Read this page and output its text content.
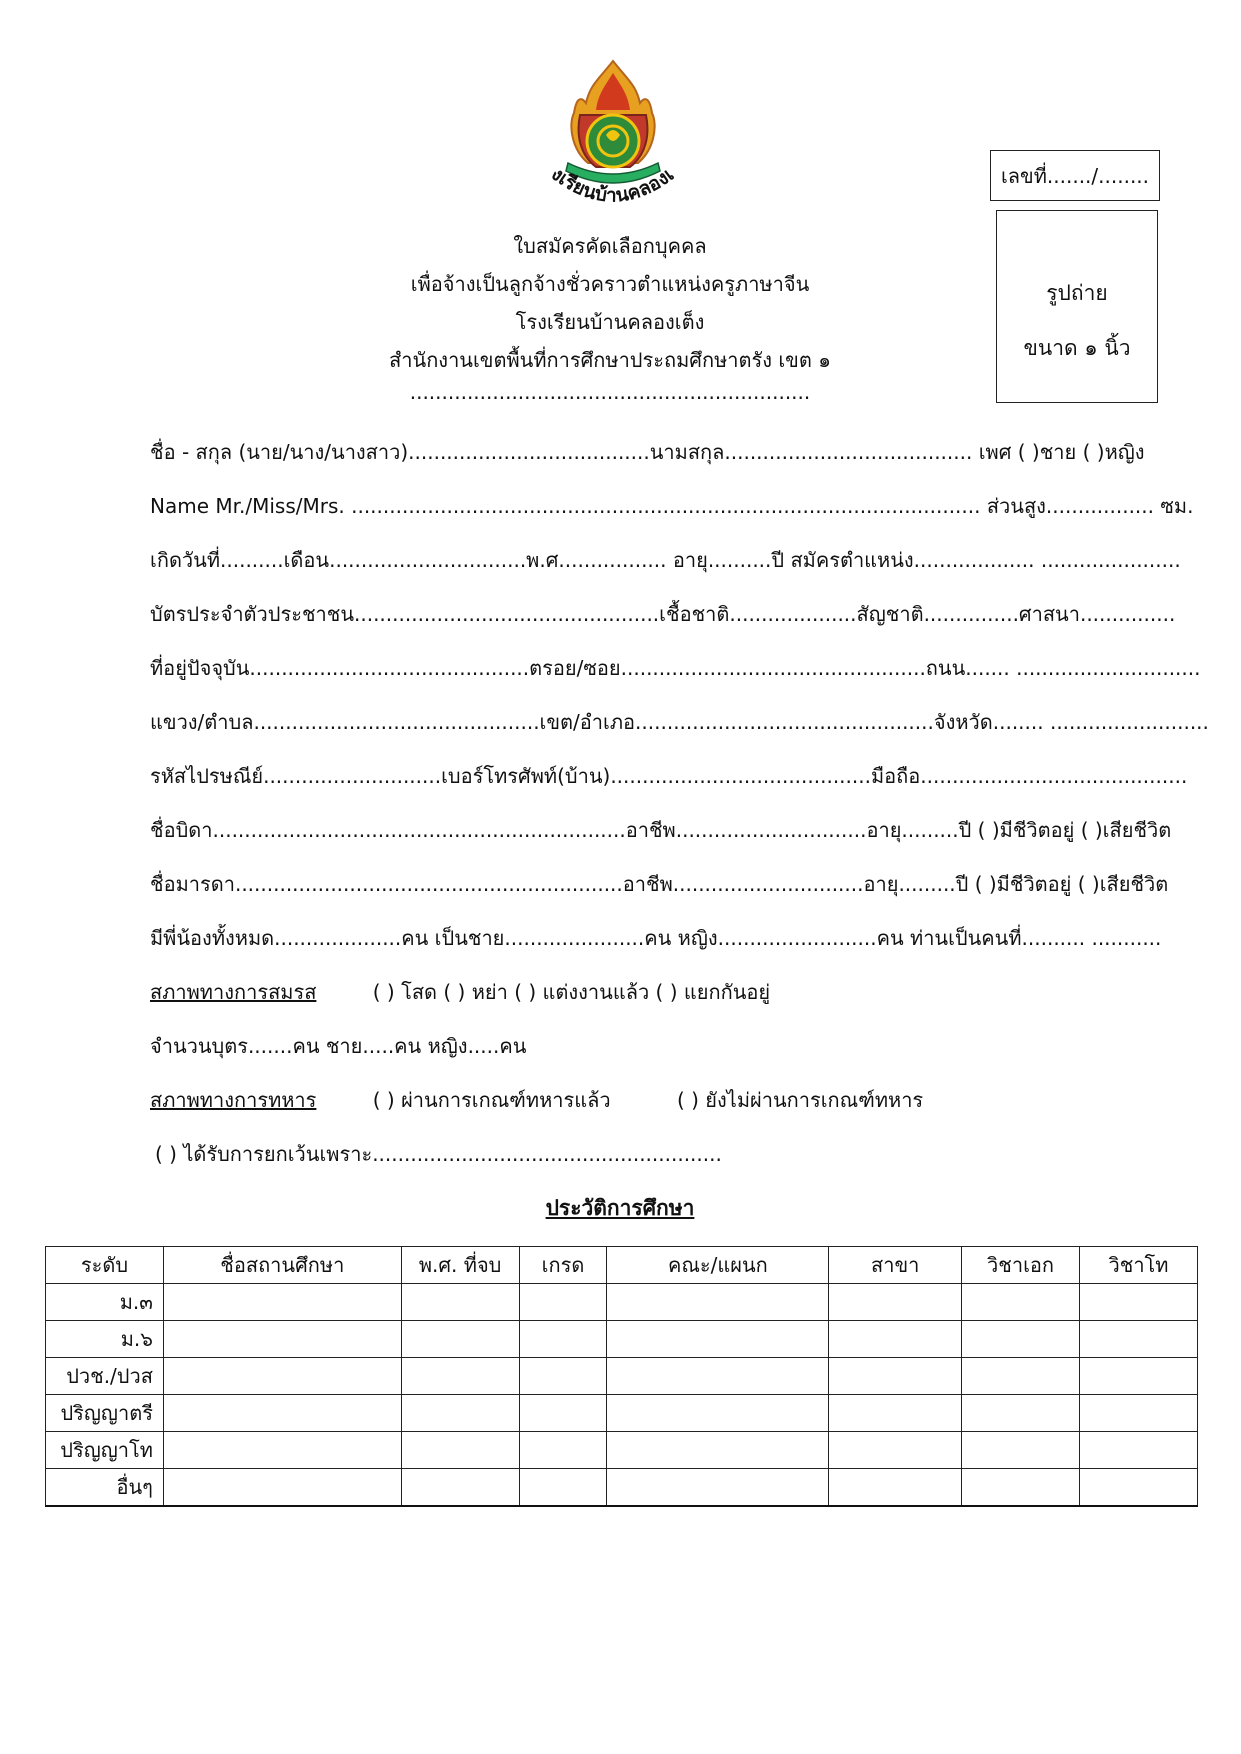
งเรียนบ้านคลองเ	เลขที่......./........
รูปถ่าย
ขนาด ๑ นิ้ว
ใบสมัครคัดเลือกบุคคล
เพื่อจ้างเป็นลูกจ้างชั่วคราวตำแหน่งครูภาษาจีน
โรงเรียนบ้านคลองเต็ง
สำนักงานเขตพื้นที่การศึกษาประถมศึกษาตรัง เขต ๑
...............................................................
ชื่อ - สกุล (นาย/นาง/นางสาว)......................................นามสกุล....................................... เพศ ( )ชาย ( )หญิง
Name Mr./Miss/Mrs. ................................................................................................... ส่วนสูง................. ซม.
เกิดวันที่..........เดือน...............................พ.ศ................. อายุ..........ปี สมัครตำแหน่ง................... ......................
บัตรประจำตัวประชาชน................................................เชื้อชาติ....................สัญชาติ...............ศาสนา...............
ที่อยู่ปัจจุบัน............................................ตรอย/ซอย................................................ถนน....... .............................
แขวง/ตำบล.............................................เขต/อำเภอ...............................................จังหวัด........ .........................
รหัสไปรษณีย์............................เบอร์โทรศัพท์(บ้าน).........................................มือถือ..........................................
ชื่อบิดา.................................................................อาชีพ..............................อายุ.........ปี ( )มีชีวิตอยู่ ( )เสียชีวิต
ชื่อมารดา.............................................................อาชีพ..............................อายุ.........ปี ( )มีชีวิตอยู่ ( )เสียชีวิต
มีพี่น้องทั้งหมด....................คน เป็นชาย......................คน หญิง.........................คน ท่านเป็นคนที่.......... ...........
สภาพทางการสมรส	( ) โสด ( ) หย่า ( ) แต่งงานแล้ว ( ) แยกกันอยู่
จำนวนบุตร.......คน ชาย.....คน หญิง.....คน
สภาพทางการทหาร	( ) ผ่านการเกณฑ์ทหารแล้ว	( ) ยังไม่ผ่านการเกณฑ์ทหาร
( ) ได้รับการยกเว้นเพราะ.......................................................
ประวัติการศึกษา
ระดับ	ชื่อสถานศึกษา	พ.ศ. ที่จบ	เกรด	คณะ/แผนก	สาขา	วิชาเอก	วิชาโท
ม.๓							
ม.๖							
ปวช./ปวส							
ปริญญาตรี							
ปริญญาโท							
อื่นๆ							
